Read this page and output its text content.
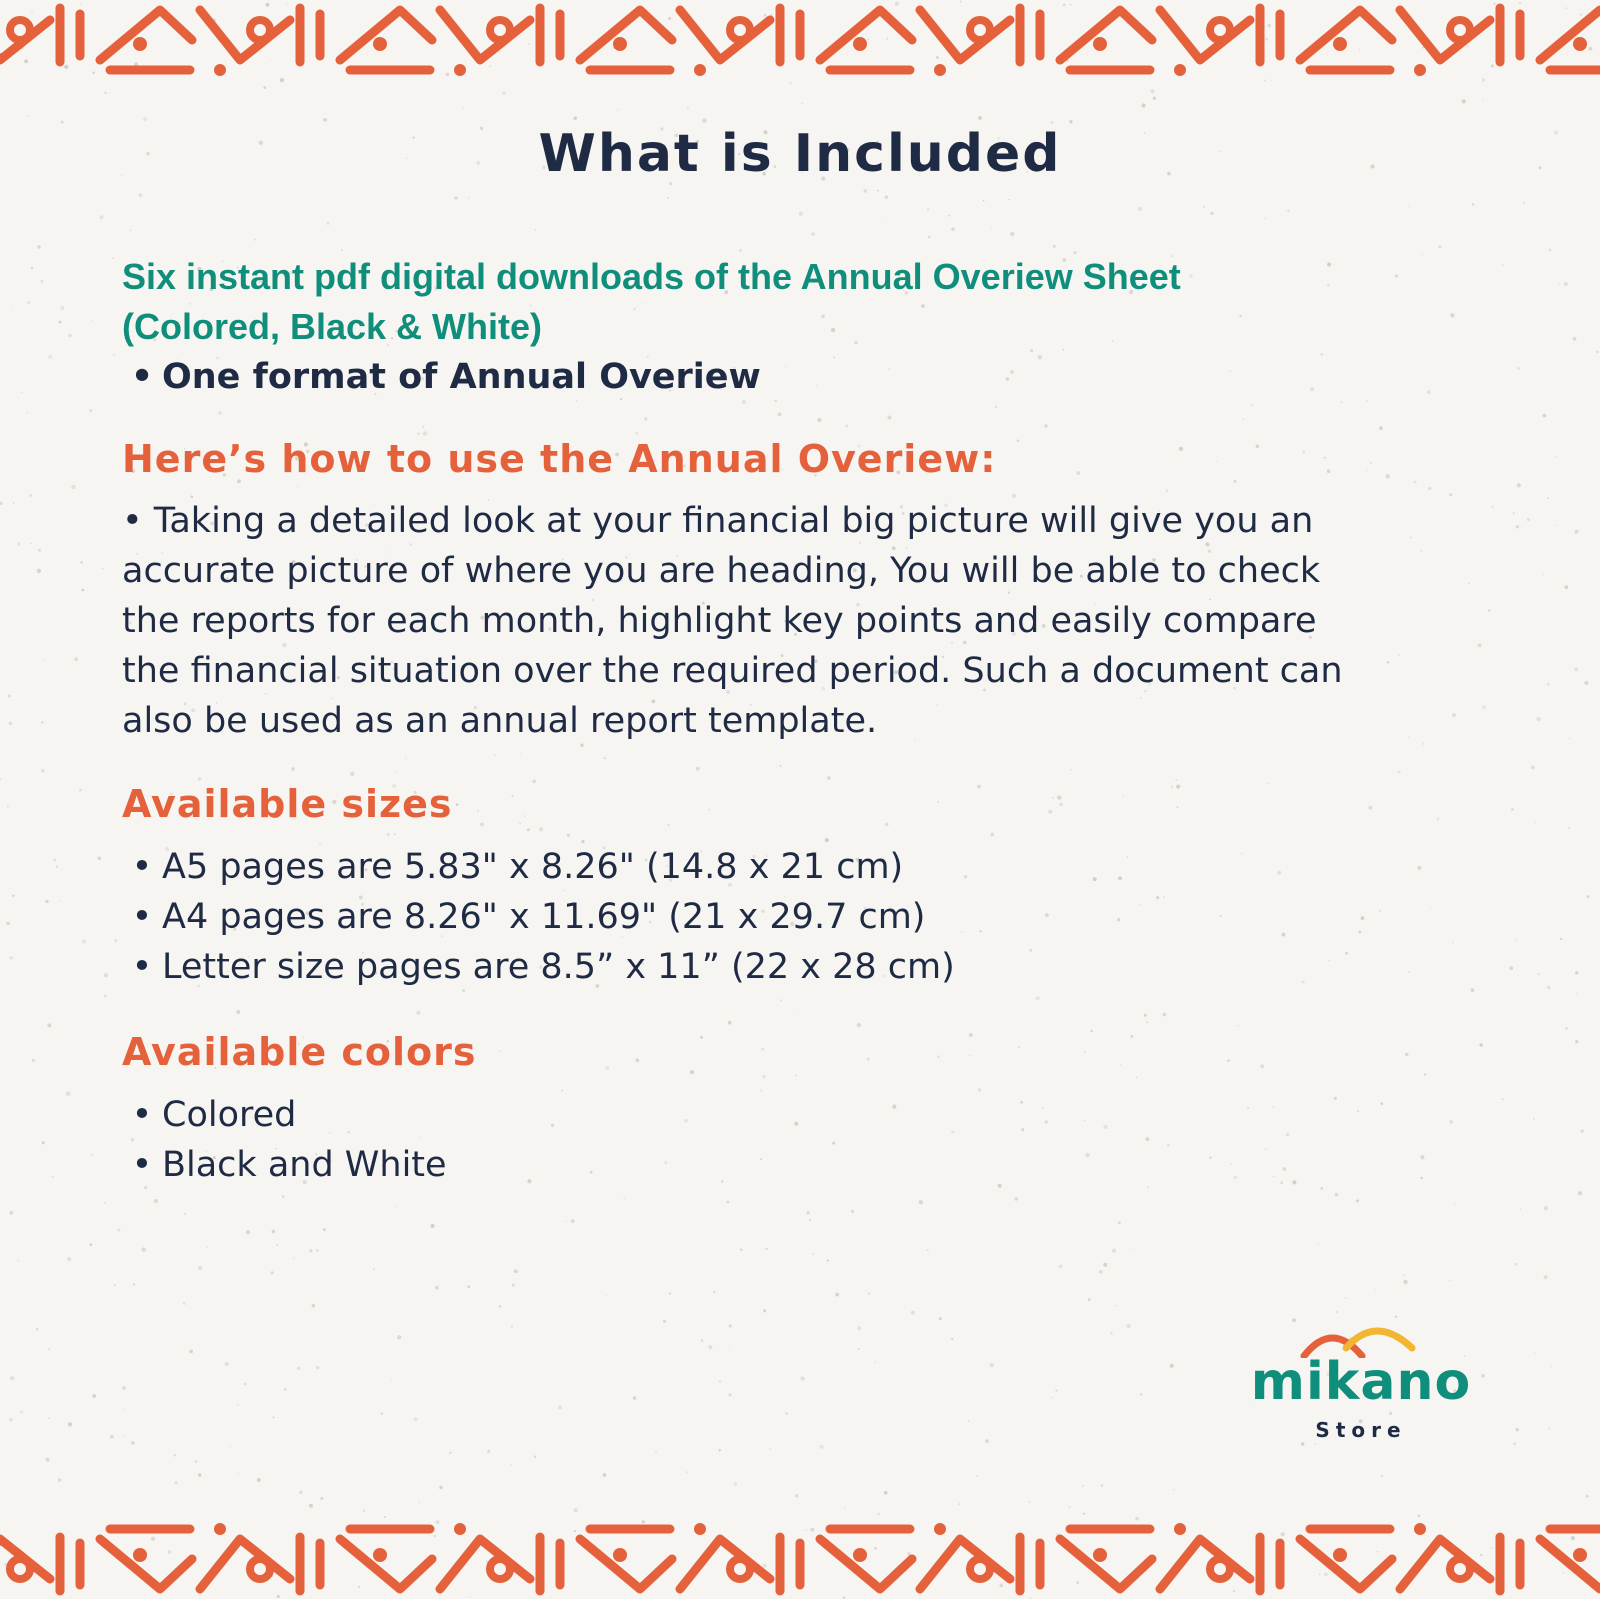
What is Included
Six instant pdf digital downloads of the Annual Overiew Sheet
(Colored, Black & White)
• One format of Annual Overiew
Here’s how to use the Annual Overiew:
• Taking a detailed look at your financial big picture will give you an
accurate picture of where you are heading, You will be able to check
the reports for each month, highlight key points and easily compare
the financial situation over the required period. Such a document can
also be used as an annual report template.
Available sizes
• A5 pages are 5.83" x 8.26" (14.8 x 21 cm)
• A4 pages are 8.26" x 11.69" (21 x 29.7 cm)
• Letter size pages are 8.5” x 11” (22 x 28 cm)
Available colors
• Colored
• Black and White
mikano
Store
